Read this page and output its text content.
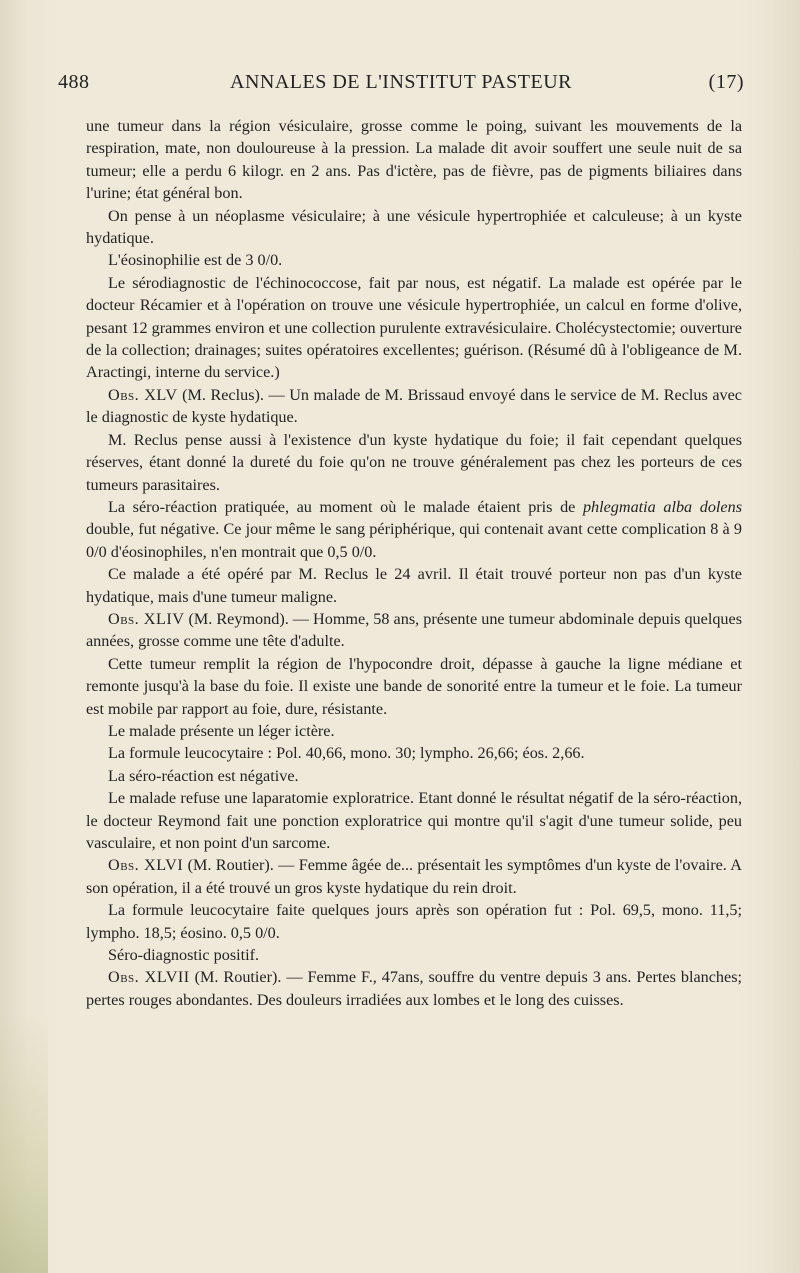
488	ANNALES DE L'INSTITUT PASTEUR	(17)

une tumeur dans la région vésiculaire, grosse comme le poing, suivant les mouvements de la respiration, mate, non douloureuse à la pression. La malade dit avoir souffert une seule nuit de sa tumeur; elle a perdu 6 kilogr. en 2 ans. Pas d'ictère, pas de fièvre, pas de pigments biliaires dans l'urine; état général bon.

On pense à un néoplasme vésiculaire; à une vésicule hypertrophiée et calculeuse; à un kyste hydatique.

L'éosinophilie est de 3 0/0.

Le sérodiagnostic de l'échinococcose, fait par nous, est négatif. La malade est opérée par le docteur Récamier et à l'opération on trouve une vésicule hypertrophiée, un calcul en forme d'olive, pesant 12 grammes environ et une collection purulente extravésiculaire. Cholécystectomie; ouverture de la collection; drainages; suites opératoires excellentes; guérison. (Résumé dû à l'obligeance de M. Aractingi, interne du service.)

Obs. XLV (M. Reclus). — Un malade de M. Brissaud envoyé dans le service de M. Reclus avec le diagnostic de kyste hydatique.

M. Reclus pense aussi à l'existence d'un kyste hydatique du foie; il fait cependant quelques réserves, étant donné la dureté du foie qu'on ne trouve généralement pas chez les porteurs de ces tumeurs parasitaires.

La séro-réaction pratiquée, au moment où le malade étaient pris de phlegmatia alba dolens double, fut négative. Ce jour même le sang périphérique, qui contenait avant cette complication 8 à 9 0/0 d'éosinophiles, n'en montrait que 0,5 0/0.

Ce malade a été opéré par M. Reclus le 24 avril. Il était trouvé porteur non pas d'un kyste hydatique, mais d'une tumeur maligne.

Obs. XLIV (M. Reymond). — Homme, 58 ans, présente une tumeur abdominale depuis quelques années, grosse comme une tête d'adulte.

Cette tumeur remplit la région de l'hypocondre droit, dépasse à gauche la ligne médiane et remonte jusqu'à la base du foie. Il existe une bande de sonorité entre la tumeur et le foie. La tumeur est mobile par rapport au foie, dure, résistante.

Le malade présente un léger ictère.

La formule leucocytaire : Pol. 40,66, mono. 30; lympho. 26,66; éos. 2,66.

La séro-réaction est négative.

Le malade refuse une laparatomie exploratrice. Etant donné le résultat négatif de la séro-réaction, le docteur Reymond fait une ponction exploratrice qui montre qu'il s'agit d'une tumeur solide, peu vasculaire, et non point d'un sarcome.

Obs. XLVI (M. Routier). — Femme âgée de... présentait les symptômes d'un kyste de l'ovaire. A son opération, il a été trouvé un gros kyste hydatique du rein droit.

La formule leucocytaire faite quelques jours après son opération fut : Pol. 69,5, mono. 11,5; lympho. 18,5; éosino. 0,5 0/0.

Séro-diagnostic positif.

Obs. XLVII (M. Routier). — Femme F., 47ans, souffre du ventre depuis 3 ans. Pertes blanches; pertes rouges abondantes. Des douleurs irradiées aux lombes et le long des cuisses.
